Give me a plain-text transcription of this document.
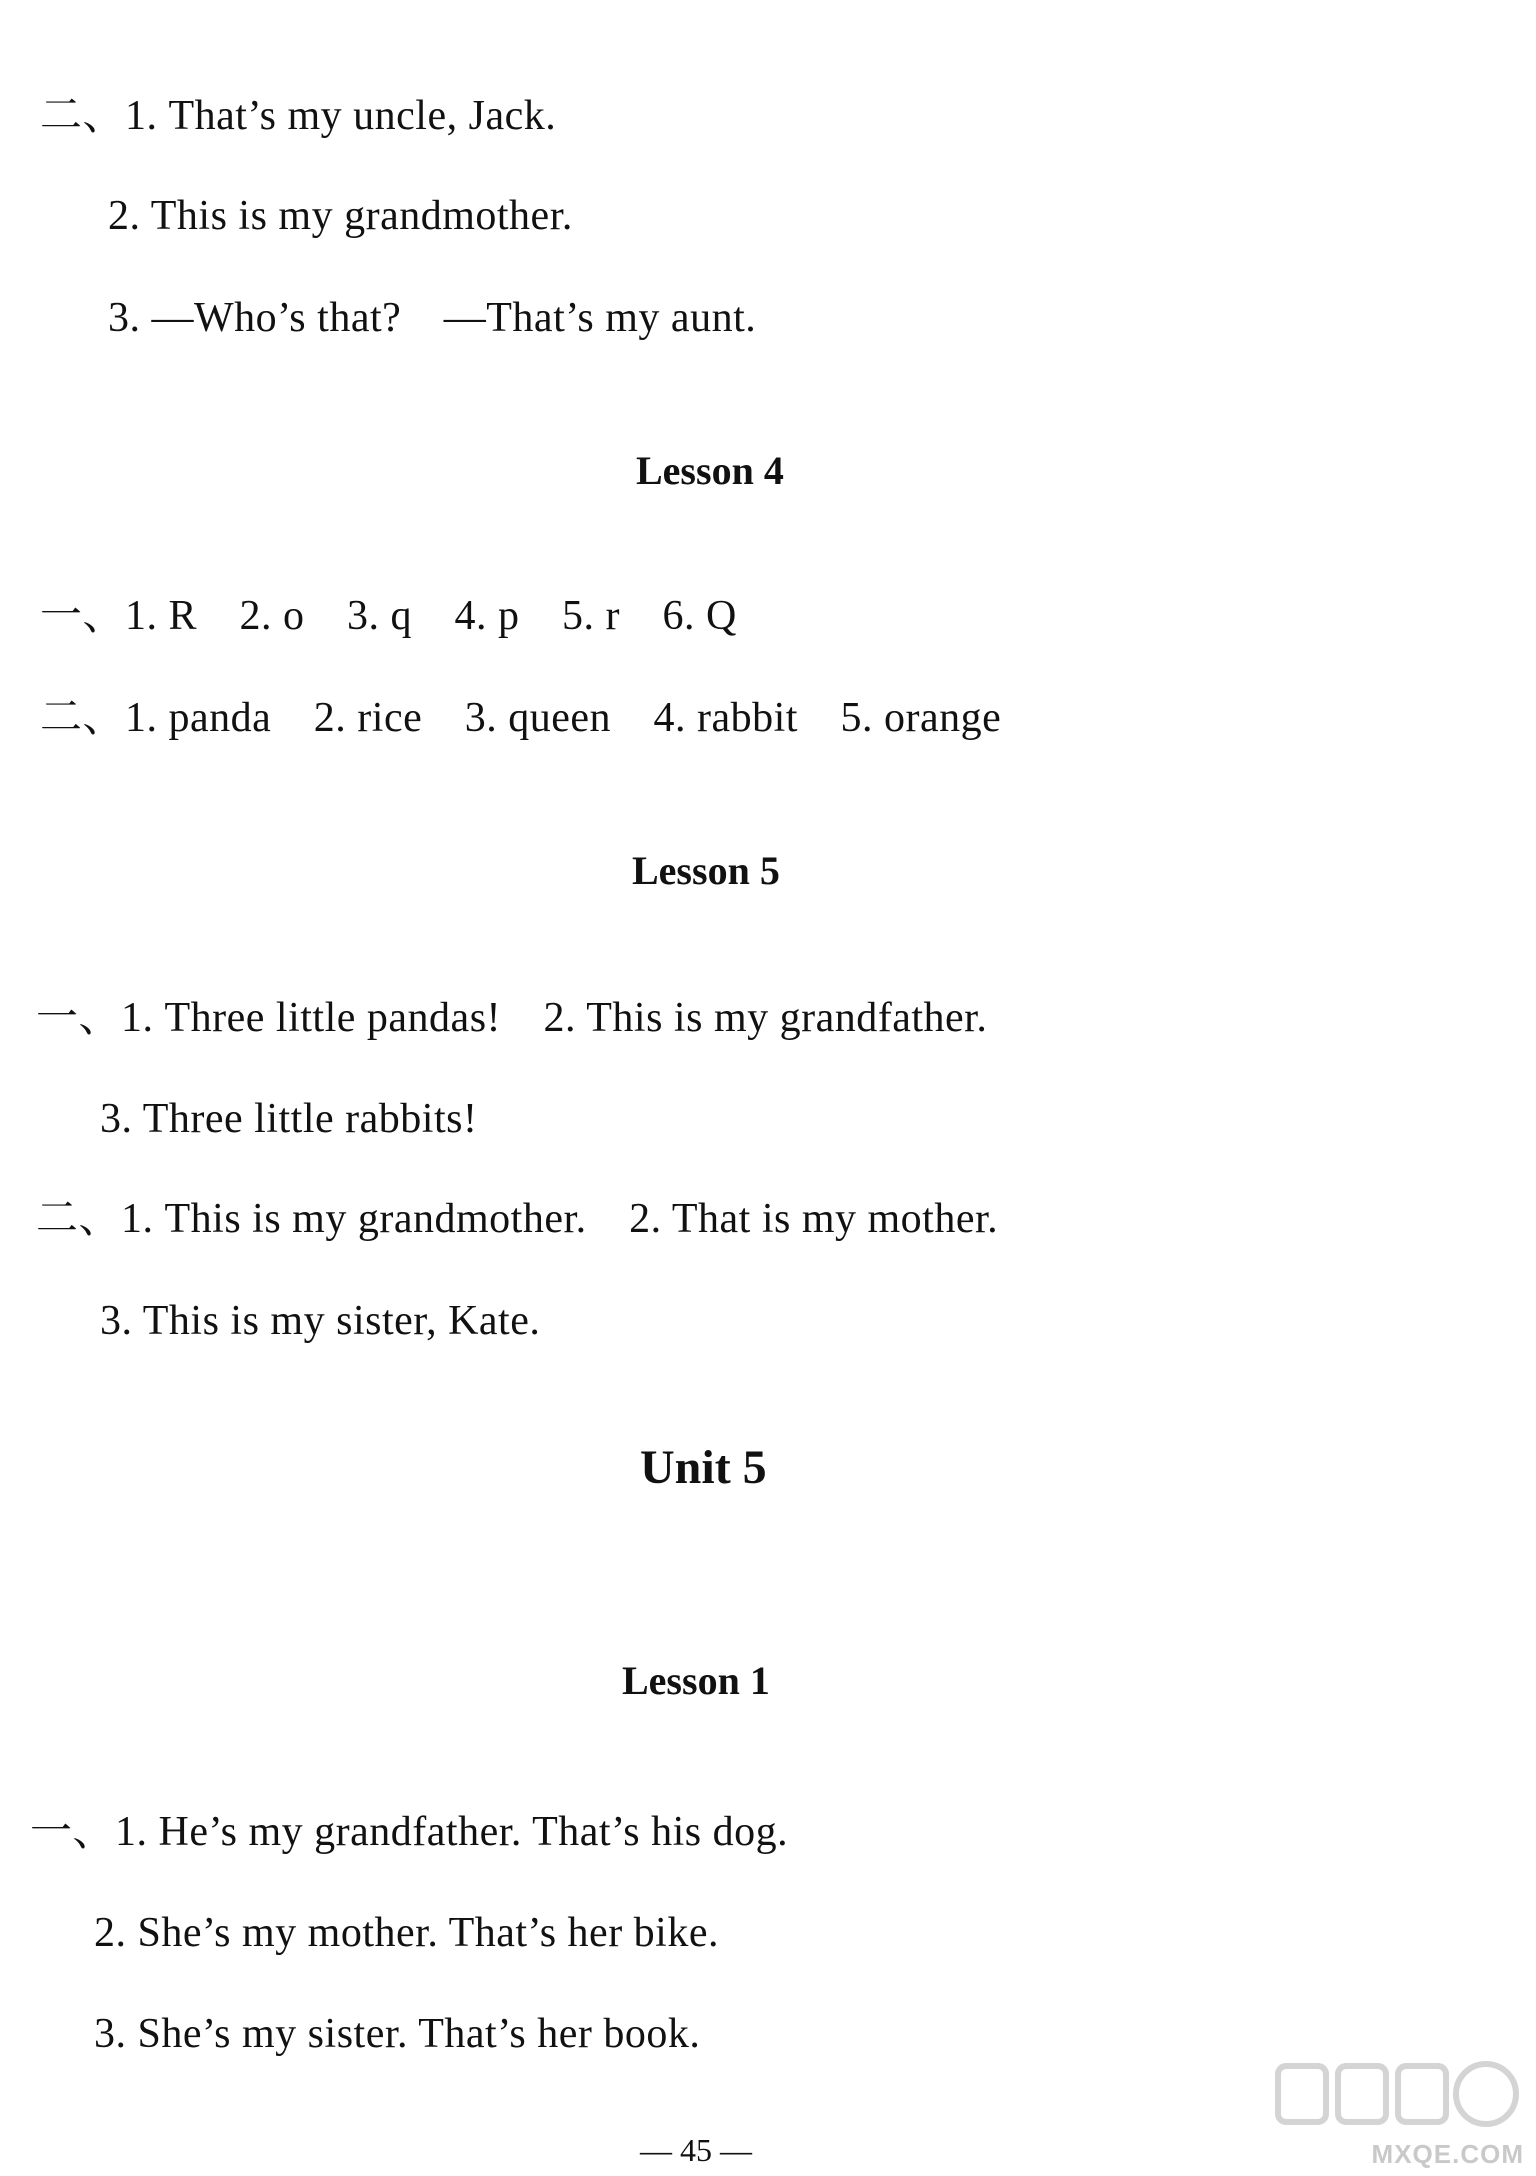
二、1. That’s my uncle, Jack.

2. This is my grandmother.

3. —Who’s that?　—That’s my aunt.

Lesson 4

一、1. R　2. o　3. q　4. p　5. r　6. Q

二、1. panda　2. rice　3. queen　4. rabbit　5. orange

Lesson 5

一、1. Three little pandas!　2. This is my grandfather.

3. Three little rabbits!

二、1. This is my grandmother.　2. That is my mother.

3. This is my sister, Kate.

Unit 5
Lesson 1

一、1. He’s my grandfather. That’s his dog.

2. She’s my mother. That’s her bike.

3. She’s my sister. That’s her book.

— 45 —	MXQE.COM
